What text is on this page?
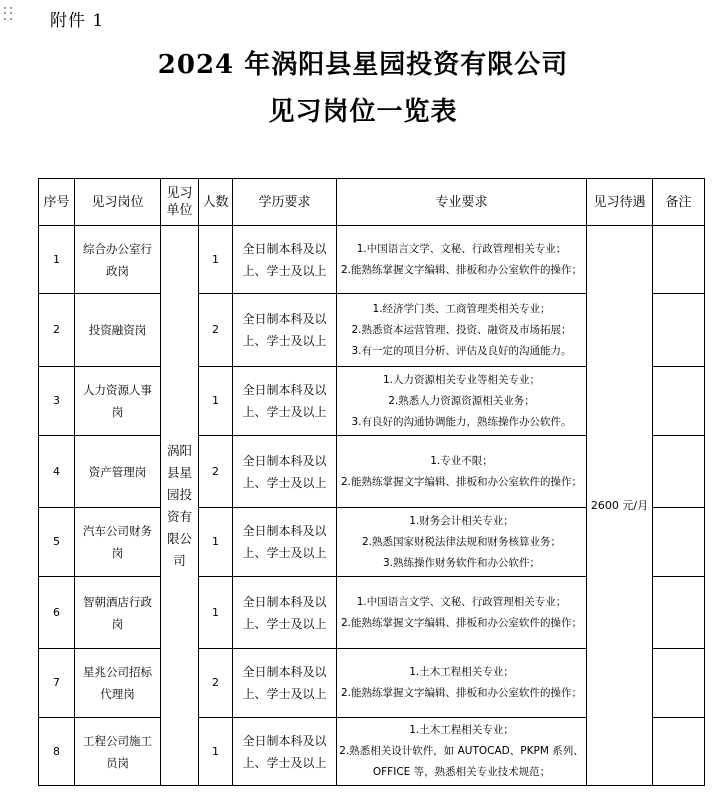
附件 1
2024 年涡阳县星园投资有限公司
见习岗位一览表
序号	见习岗位	见习单位	人数	学历要求	专业要求	见习待遇	备注
1	综合办公室行政岗	涡阳县星园投资有限公司	1	全日制本科及以上、学士及以上	1.中国语言文学、文秘、行政管理相关专业；
2.能熟练掌握文字编辑、排板和办公室软件的操作；	2600 元/月	
2	投资融资岗		2	全日制本科及以上、学士及以上	1.经济学门类、工商管理类相关专业；
2.熟悉资本运营管理、投资、融资及市场拓展；
3.有一定的项目分析、评估及良好的沟通能力。		

3	人力资源人事岗		1	全日制本科及以上、学士及以上	1.人力资源相关专业等相关专业；
2.熟悉人力资源资源相关业务；
3.有良好的沟通协调能力，熟练操作办公软件。		

4	资产管理岗		2	全日制本科及以上、学士及以上	1.专业不限；
2.能熟练掌握文字编辑、排板和办公室软件的操作；		

5	汽车公司财务岗		1	全日制本科及以上、学士及以上	1.财务会计相关专业；
2.熟悉国家财税法律法规和财务核算业务；
3.熟练操作财务软件和办公软件；		

6	智朝酒店行政岗		1	全日制本科及以上、学士及以上	1.中国语言文学、文秘、行政管理相关专业；
2.能熟练掌握文字编辑、排板和办公室软件的操作；		

7	星兆公司招标代理岗		2	全日制本科及以上、学士及以上	1.土木工程相关专业；
2.能熟练掌握文字编辑、排板和办公室软件的操作；		

8	工程公司施工员岗		1	全日制本科及以上、学士及以上	1.土木工程相关专业；
2.熟悉相关设计软件，如 AUTOCAD、PKPM 系列、OFFICE 等，熟悉相关专业技术规范；		
